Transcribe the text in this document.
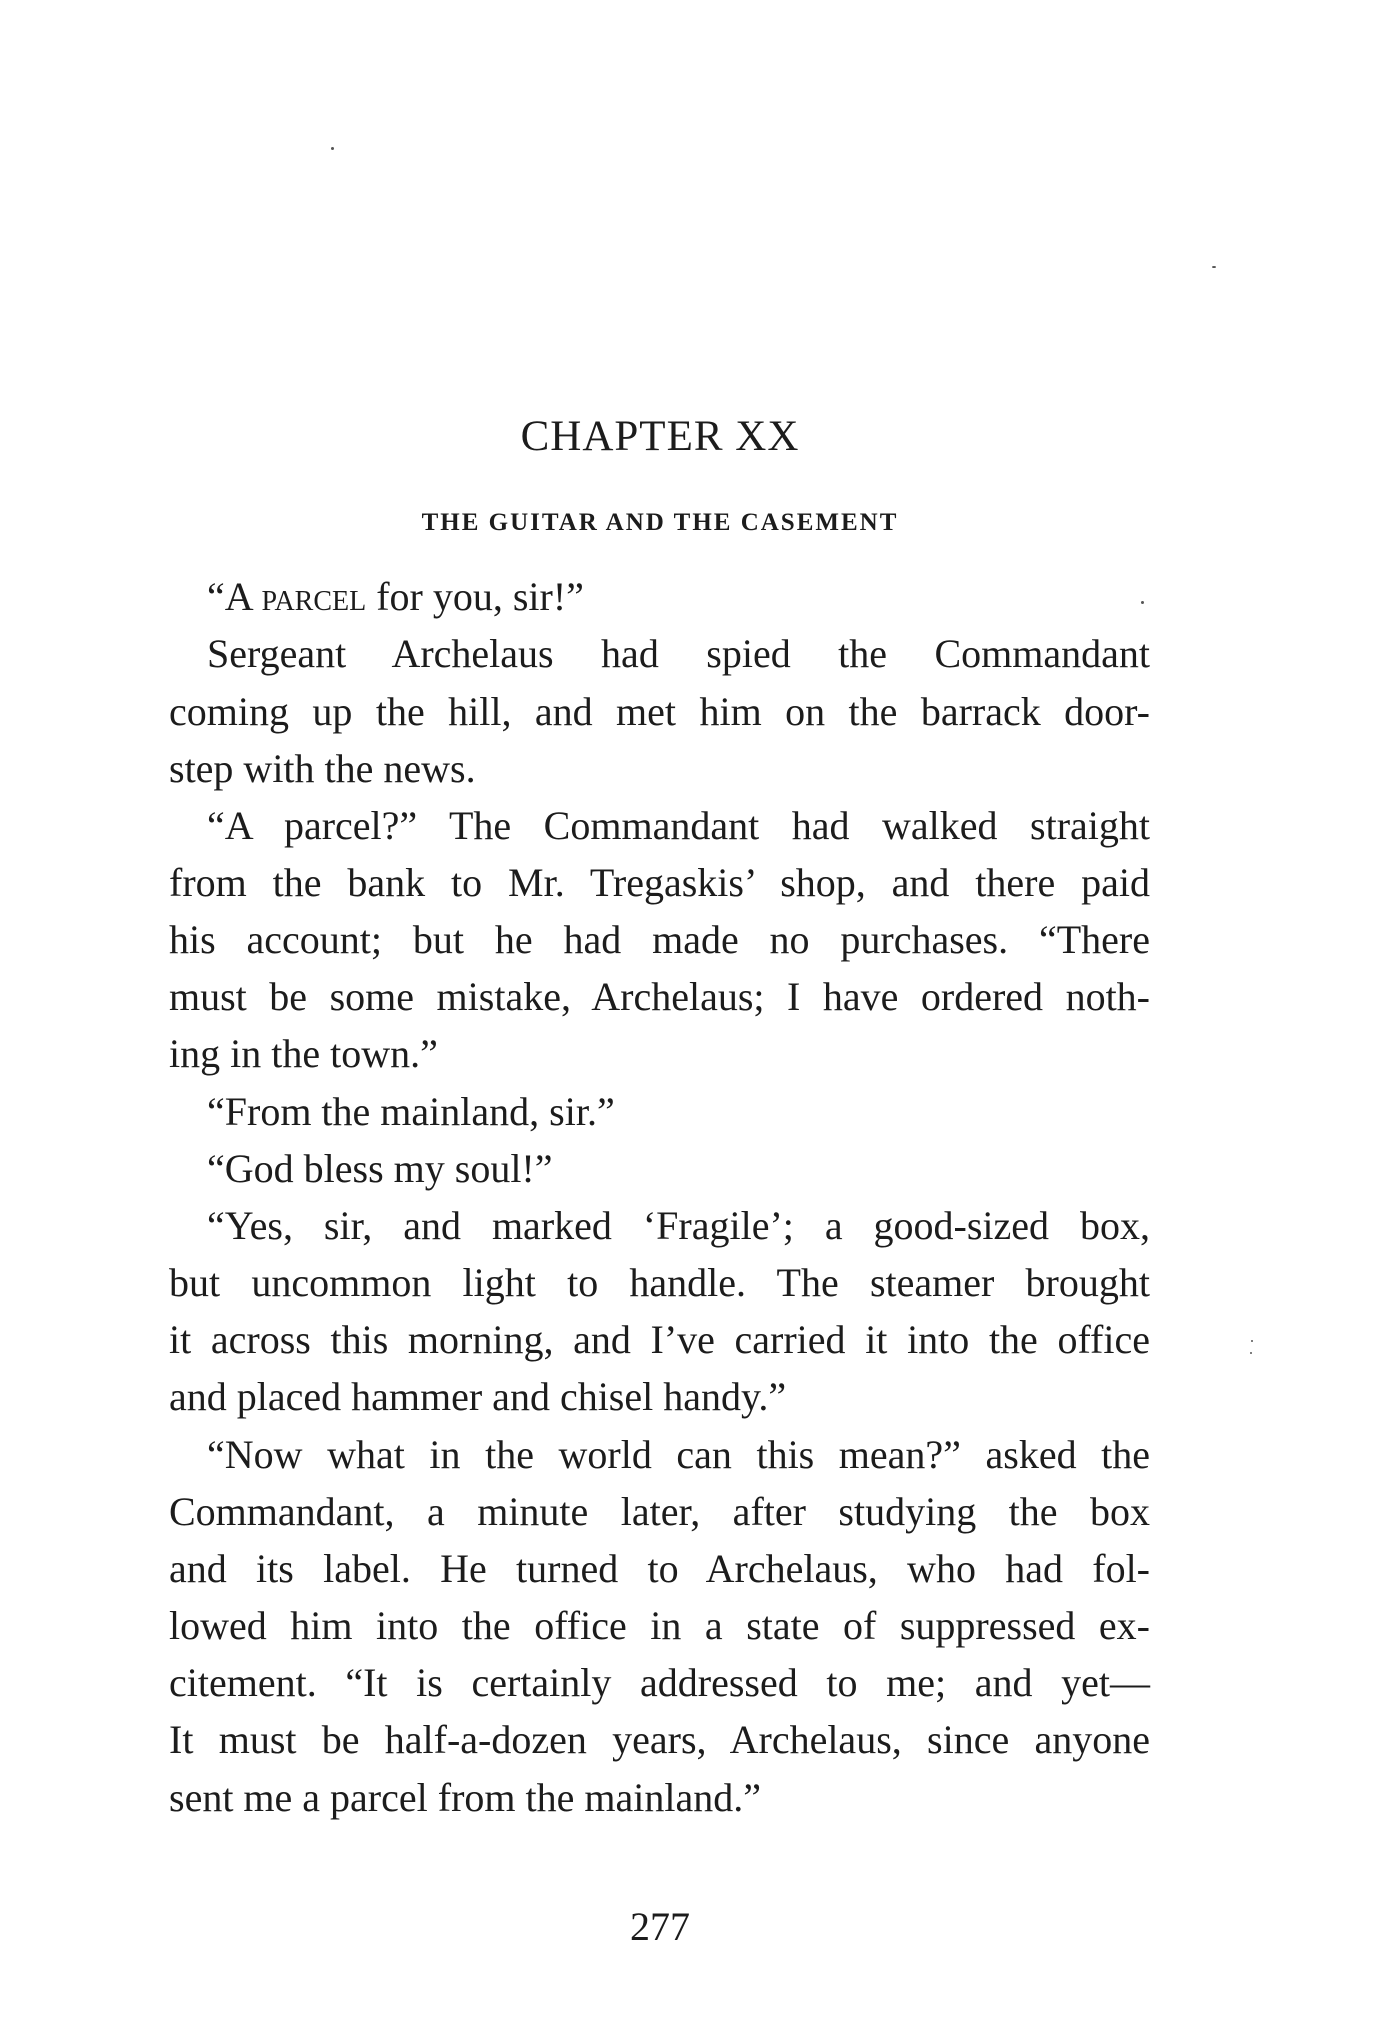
CHAPTER XX
THE GUITAR AND THE CASEMENT
“A parcel for you, sir!”
Sergeant Archelaus had spied the Commandant
coming up the hill, and met him on the barrack door-
step with the news.
“A parcel?” The Commandant had walked straight
from the bank to Mr. Tregaskis’ shop, and there paid
his account; but he had made no purchases. “There
must be some mistake, Archelaus; I have ordered noth-
ing in the town.”
“From the mainland, sir.”
“God bless my soul!”
“Yes, sir, and marked ‘Fragile’; a good-sized box,
but uncommon light to handle. The steamer brought
it across this morning, and I’ve carried it into the office
and placed hammer and chisel handy.”
“Now what in the world can this mean?” asked the
Commandant, a minute later, after studying the box
and its label. He turned to Archelaus, who had fol-
lowed him into the office in a state of suppressed ex-
citement. “It is certainly addressed to me; and yet—
It must be half-a-dozen years, Archelaus, since anyone
sent me a parcel from the mainland.”
277
